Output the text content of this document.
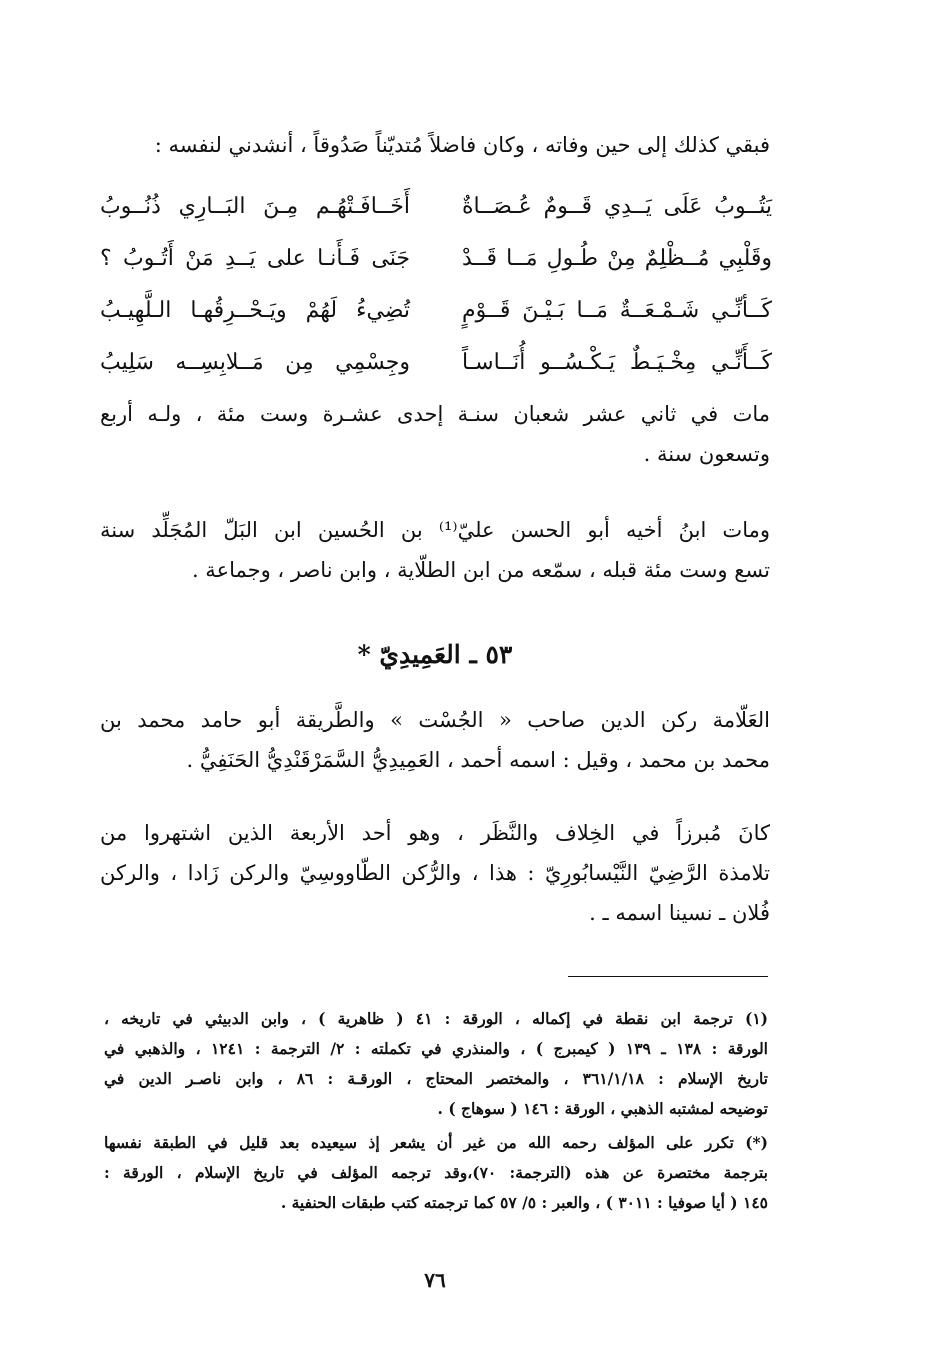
فبقي كذلك إلى حين وفاته ، وكان فاضلاً مُتديّناً صَدُوقاً ، أنشدني لنفسه :
يَتُــوبُ عَلَى يَــدِي قَــومٌ عُـصَــاةٌ
أَخَــافَـتْهُـم مِـنَ البَــارِي ذُنُــوبُ
وقَلْبِي مُــظْلِمٌ مِنْ طُـولِ مَــا قَــدْ
جَنَى فَـأَنـا على يَــدِ مَنْ أَتُـوبُ ؟
كَــأنِّـي شَـمْـعَــةٌ مَــا بَـيْـنَ قَــوْمٍ
تُضِيءُ لَهُمْ ويَـحْــرِقُهـا الـلَّهِيـبُ
كَــأَنِّـي مِخْـيَـطٌ يَـكْـسُــو أُنَــاسـاً
وجِسْمِي مِن مَــلابِسِــه سَلِيبُ
مات في ثاني عشر شعبان سنـة إحدى عشـرة وست مئة ، ولـه أربع
وتسعون سنة .
ومات ابنُ أخيه أبو الحسن عليّ⁽¹⁾ بن الحُسين ابن البَلّ المُجَلِّد سنة
تسع وست مئة قبله ، سمّعه من ابن الطلّاية ، وابن ناصر ، وجماعة .
٥٣ ـ العَمِيدِيّ *
العَلّامة ركن الدين صاحب « الجُسْت » والطَّريقة أبو حامد محمد بن
محمد بن محمد ، وقيل : اسمه أحمد ، العَمِيدِيُّ السَّمَرْقَنْدِيُّ الحَنَفِيُّ .
كانَ مُبرزاً في الخِلاف والنَّظَر ، وهو أحد الأربعة الذين اشتهروا من
تلامذة الرَّضِيّ النَّيْسابُورِيّ : هذا ، والرُّكن الطّاووسِيّ والركن زَادا ، والركن
فُلان ـ نسينا اسمه ـ .
(١) ترجمة ابن نقطة في إكماله ، الورقة : ٤١ ( ظاهرية ) ، وابن الدبيثي في تاريخه ،
الورقة : ١٣٨ ـ ١٣٩ ( كيمبرج ) ، والمنذري في تكملته : ٢/ الترجمة : ١٢٤١ ، والذهبي في
تاريخ الإسلام : ٣٦١/١/١٨ ، والمختصر المحتاج ، الورقـة : ٨٦ ، وابن ناصـر الدين في
توضيحه لمشتبه الذهبي ، الورقة : ١٤٦ ( سوهاج ) .
(*) تكرر على المؤلف رحمه الله من غير أن يشعر إذ سيعيده بعد قليل في الطبقة نفسها
بترجمة مختصرة عن هذه (الترجمة: ٧٠)،وقد ترجمه المؤلف في تاريخ الإسلام ، الورقة :
١٤٥ ( أيا صوفيا : ٣٠١١ ) ، والعبر : ٥/ ٥٧ كما ترجمته كتب طبقات الحنفية .
٧٦
